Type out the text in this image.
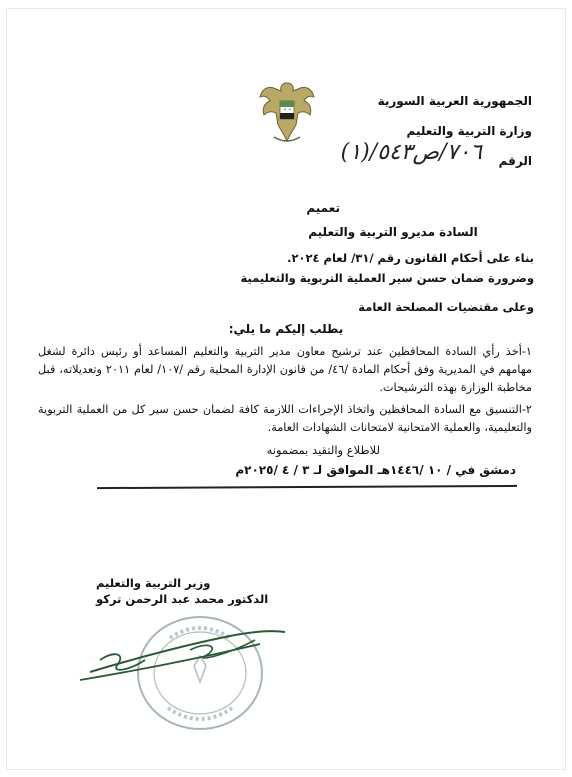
الجمهورية العربية السورية
وزارة التربية والتعليم
الرقم
٧٠٦/ص٥٤٣/(١)
تعميم
السادة مديرو التربية والتعليم
بناء على أحكام القانون رقم /٣١/ لعام ٢٠٢٤.
وضرورة ضمان حسن سير العملية التربوية والتعليمية
وعلى مقتضيات المصلحة العامة
يطلب إليكم ما يلي:
١-أخذ رأي السادة المحافظين عند ترشيح معاون مدير التربية والتعليم المساعد أو رئيس دائرة لشغل مهامهم في المديرية وفق أحكام المادة /٤٦/ من قانون الإدارة المحلية رقم /١٠٧/ لعام ٢٠١١ وتعديلاته، قبل مخاطبة الوزارة بهذه الترشيحات.
٢-التنسيق مع السادة المحافظين واتخاذ الإجراءات اللازمة كافة لضمان حسن سير كل من العملية التربوية والتعليمية، والعملية الامتحانية لامتحانات الشهادات العامة.
للاطلاع والتقيد بمضمونه
دمشق في / ١٠ /١٤٤٦هـ الموافق لـ ٣ / ٤ /٢٠٢٥م
وزير التربية والتعليم
الدكتور محمد عبد الرحمن تركو
